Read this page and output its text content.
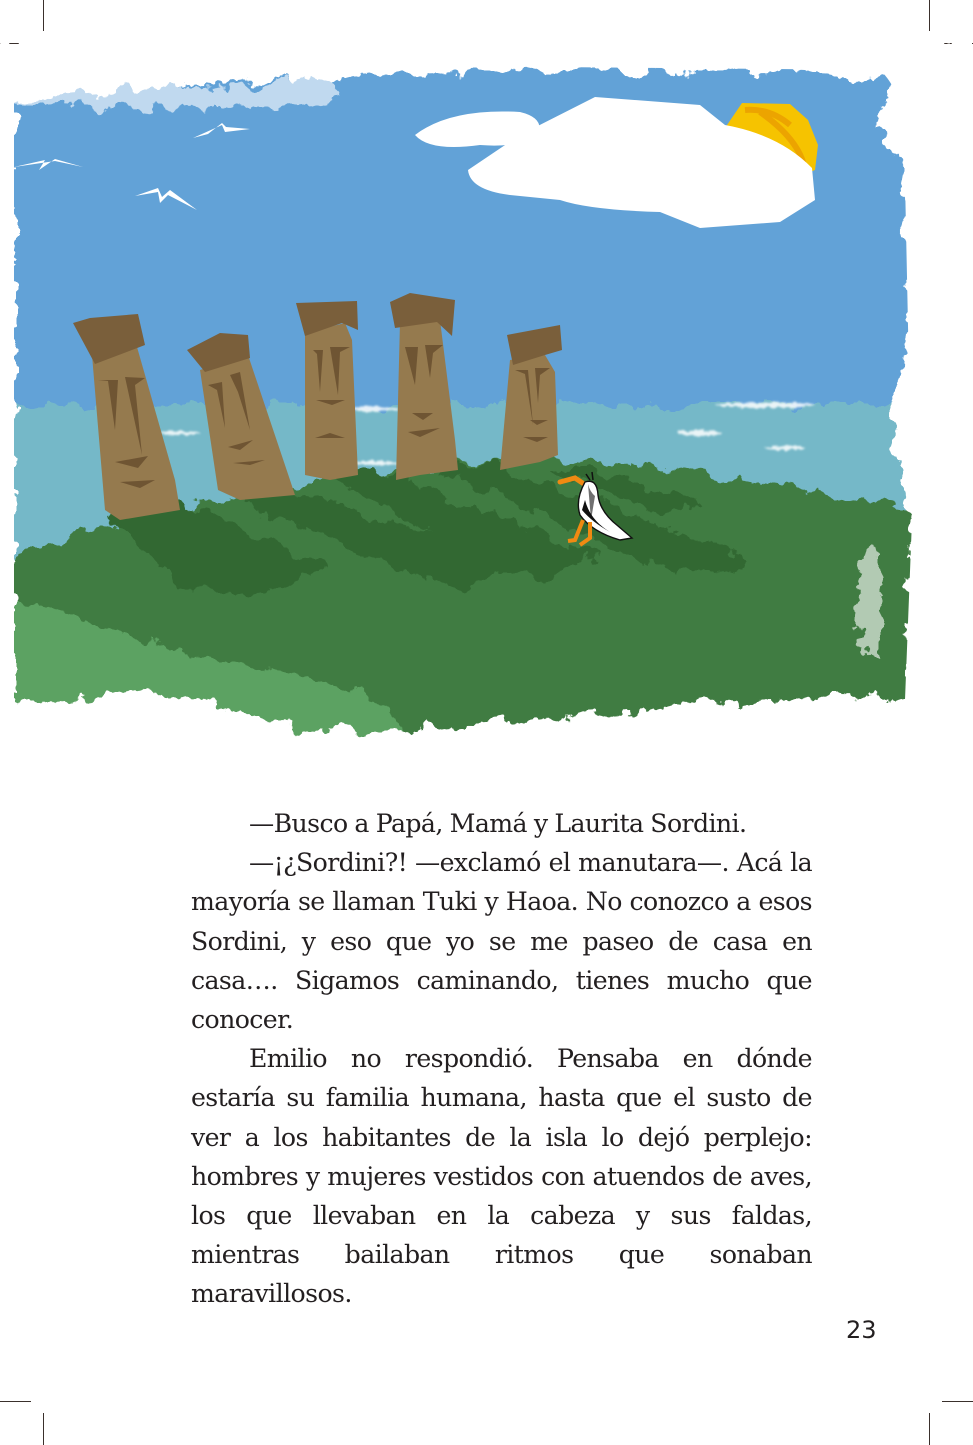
—Busco a Papá, Mamá y Laurita Sordini.

—¡¿Sordini?! —exclamó el manutara—. Acá la mayoría se llaman Tuki y Haoa. No conozco a esos Sordini, y eso que yo se me paseo de casa en casa…. Sigamos caminando, tienes mucho que conocer.

Emilio no respondió. Pensaba en dónde estaría su familia humana, hasta que el susto de ver a los habitantes de la isla lo dejó perplejo: hombres y mujeres vestidos con atuendos de aves, los que llevaban en la cabeza y sus faldas, mientras bailaban ritmos que sonaban maravillosos.

23
